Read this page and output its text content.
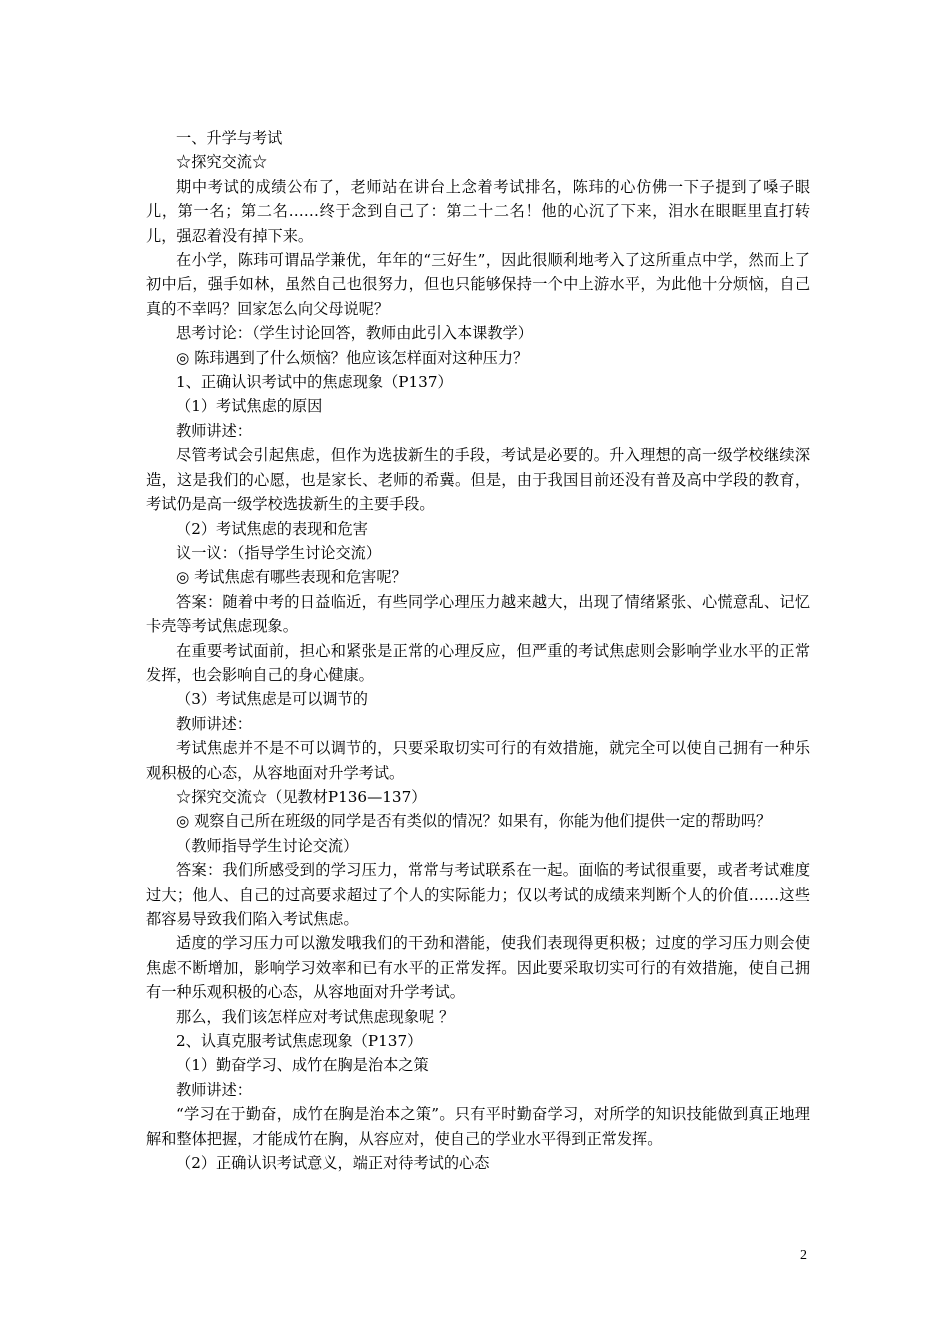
一、升学与考试

☆探究交流☆

期中考试的成绩公布了，老师站在讲台上念着考试排名，陈玮的心仿佛一下子提到了嗓子眼儿，第一名；第二名……终于念到自己了：第二十二名！他的心沉了下来，泪水在眼眶里直打转儿，强忍着没有掉下来。

在小学，陈玮可谓品学兼优，年年的“三好生”，因此很顺利地考入了这所重点中学，然而上了初中后，强手如林，虽然自己也很努力，但也只能够保持一个中上游水平，为此他十分烦恼，自己真的不幸吗？回家怎么向父母说呢？

思考讨论：（学生讨论回答，教师由此引入本课教学）

◎ 陈玮遇到了什么烦恼？他应该怎样面对这种压力？

1、正确认识考试中的焦虑现象（P137）

（1）考试焦虑的原因

教师讲述：

尽管考试会引起焦虑，但作为选拔新生的手段，考试是必要的。升入理想的高一级学校继续深造，这是我们的心愿，也是家长、老师的希冀。但是，由于我国目前还没有普及高中学段的教育，考试仍是高一级学校选拔新生的主要手段。

（2）考试焦虑的表现和危害

议一议：（指导学生讨论交流）

◎ 考试焦虑有哪些表现和危害呢？

答案：随着中考的日益临近，有些同学心理压力越来越大，出现了情绪紧张、心慌意乱、记忆卡壳等考试焦虑现象。

在重要考试面前，担心和紧张是正常的心理反应，但严重的考试焦虑则会影响学业水平的正常发挥，也会影响自己的身心健康。

（3）考试焦虑是可以调节的

教师讲述：

考试焦虑并不是不可以调节的，只要采取切实可行的有效措施，就完全可以使自己拥有一种乐观积极的心态，从容地面对升学考试。

☆探究交流☆（见教材P136—137）

◎ 观察自己所在班级的同学是否有类似的情况？如果有，你能为他们提供一定的帮助吗？

（教师指导学生讨论交流）

答案：我们所感受到的学习压力，常常与考试联系在一起。面临的考试很重要，或者考试难度过大；他人、自己的过高要求超过了个人的实际能力；仅以考试的成绩来判断个人的价值……这些都容易导致我们陷入考试焦虑。

适度的学习压力可以激发哦我们的干劲和潜能，使我们表现得更积极；过度的学习压力则会使焦虑不断增加，影响学习效率和已有水平的正常发挥。因此要采取切实可行的有效措施，使自己拥有一种乐观积极的心态，从容地面对升学考试。

那么，我们该怎样应对考试焦虑现象呢 ？

2、认真克服考试焦虑现象（P137）

（1）勤奋学习、成竹在胸是治本之策

教师讲述：

“学习在于勤奋，成竹在胸是治本之策”。只有平时勤奋学习，对所学的知识技能做到真正地理解和整体把握，才能成竹在胸，从容应对，使自己的学业水平得到正常发挥。

（2）正确认识考试意义，端正对待考试的心态

2
